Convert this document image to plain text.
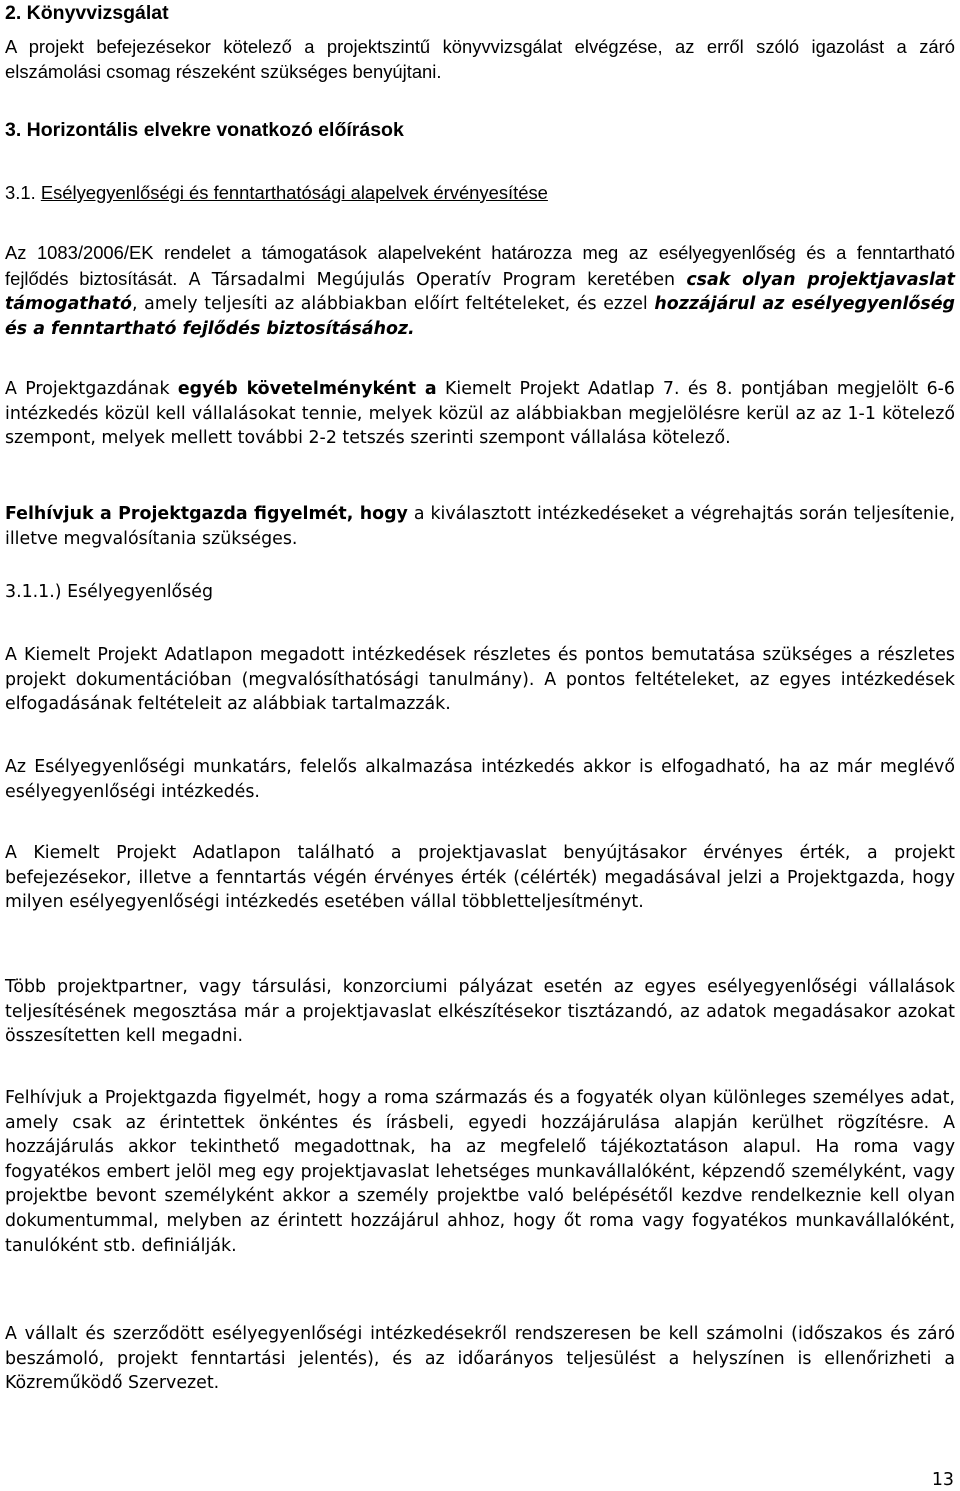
2. Könyvvizsgálat
A projekt befejezésekor kötelező a projektszintű könyvvizsgálat elvégzése, az erről szóló igazolást a záró elszámolási csomag részeként szükséges benyújtani.
3. Horizontális elvekre vonatkozó előírások
3.1. Esélyegyenlőségi és fenntarthatósági alapelvek érvényesítése
Az 1083/2006/EK rendelet a támogatások alapelveként határozza meg az esélyegyenlőség és a fenntartható fejlődés biztosítását. A Társadalmi Megújulás Operatív Program keretében csak olyan projektjavaslat támogatható, amely teljesíti az alábbiakban előírt feltételeket, és ezzel hozzájárul az esélyegyenlőség és a fenntartható fejlődés biztosításához.
A Projektgazdának egyéb követelményként a Kiemelt Projekt Adatlap 7. és 8. pontjában megjelölt 6-6 intézkedés közül kell vállalásokat tennie, melyek közül az alábbiakban megjelölésre kerül az az 1-1 kötelező szempont, melyek mellett további 2-2 tetszés szerinti szempont vállalása kötelező.
Felhívjuk a Projektgazda figyelmét, hogy a kiválasztott intézkedéseket a végrehajtás során teljesítenie, illetve megvalósítania szükséges.
3.1.1.) Esélyegyenlőség
A Kiemelt Projekt Adatlapon megadott intézkedések részletes és pontos bemutatása szükséges a részletes projekt dokumentációban (megvalósíthatósági tanulmány). A pontos feltételeket, az egyes intézkedések elfogadásának feltételeit az alábbiak tartalmazzák.
Az Esélyegyenlőségi munkatárs, felelős alkalmazása intézkedés akkor is elfogadható, ha az már meglévő esélyegyenlőségi intézkedés.
A Kiemelt Projekt Adatlapon található a projektjavaslat benyújtásakor érvényes érték, a projekt befejezésekor, illetve a fenntartás végén érvényes érték (célérték) megadásával jelzi a Projektgazda, hogy milyen esélyegyenlőségi intézkedés esetében vállal többletteljesítményt.
Több projektpartner, vagy társulási, konzorciumi pályázat esetén az egyes esélyegyenlőségi vállalások teljesítésének megosztása már a projektjavaslat elkészítésekor tisztázandó, az adatok megadásakor azokat összesítetten kell megadni.
Felhívjuk a Projektgazda figyelmét, hogy a roma származás és a fogyaték olyan különleges személyes adat, amely csak az érintettek önkéntes és írásbeli, egyedi hozzájárulása alapján kerülhet rögzítésre. A hozzájárulás akkor tekinthető megadottnak, ha az megfelelő tájékoztatáson alapul. Ha roma vagy fogyatékos embert jelöl meg egy projektjavaslat lehetséges munkavállalóként, képzendő személyként, vagy projektbe bevont személyként akkor a személy projektbe való belépésétől kezdve rendelkeznie kell olyan dokumentummal, melyben az érintett hozzájárul ahhoz, hogy őt roma vagy fogyatékos munkavállalóként, tanulóként stb. definiálják.
A vállalt és szerződött esélyegyenlőségi intézkedésekről rendszeresen be kell számolni (időszakos és záró beszámoló, projekt fenntartási jelentés), és az időarányos teljesülést a helyszínen is ellenőrizheti a Közreműködő Szervezet.
13
